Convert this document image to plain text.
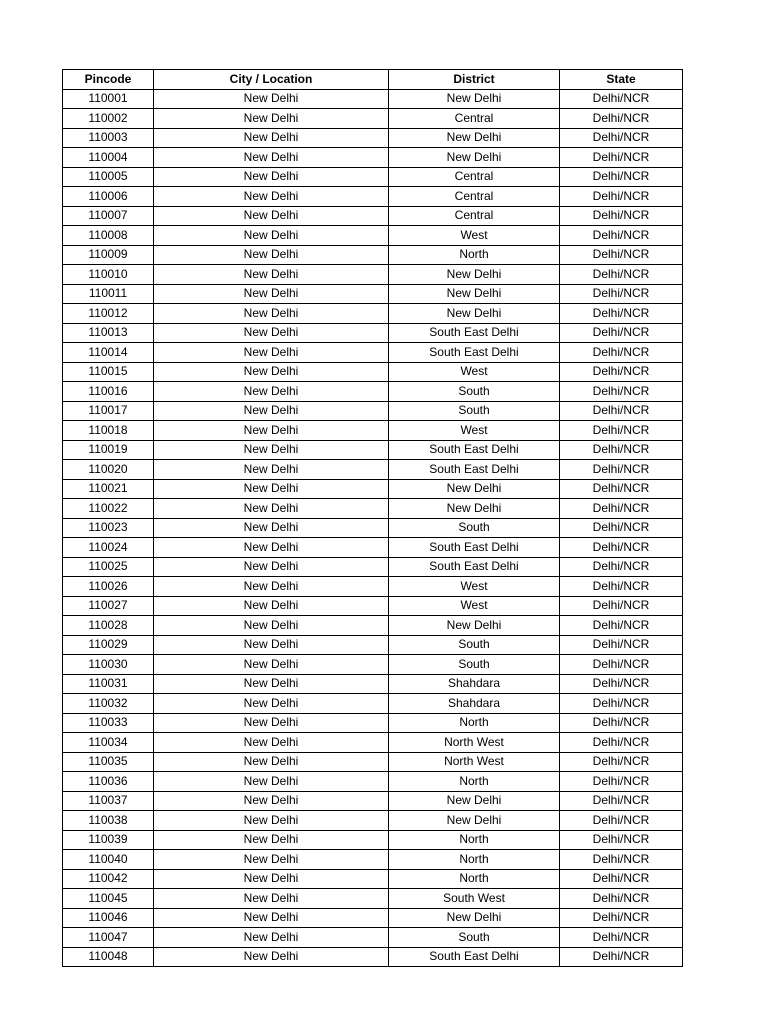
Pincode	City / Location	District	State
110001	New Delhi	New Delhi	Delhi/NCR
110002	New Delhi	Central	Delhi/NCR
110003	New Delhi	New Delhi	Delhi/NCR
110004	New Delhi	New Delhi	Delhi/NCR
110005	New Delhi	Central	Delhi/NCR
110006	New Delhi	Central	Delhi/NCR
110007	New Delhi	Central	Delhi/NCR
110008	New Delhi	West	Delhi/NCR
110009	New Delhi	North	Delhi/NCR
110010	New Delhi	New Delhi	Delhi/NCR
110011	New Delhi	New Delhi	Delhi/NCR
110012	New Delhi	New Delhi	Delhi/NCR
110013	New Delhi	South East Delhi	Delhi/NCR
110014	New Delhi	South East Delhi	Delhi/NCR
110015	New Delhi	West	Delhi/NCR
110016	New Delhi	South	Delhi/NCR
110017	New Delhi	South	Delhi/NCR
110018	New Delhi	West	Delhi/NCR
110019	New Delhi	South East Delhi	Delhi/NCR
110020	New Delhi	South East Delhi	Delhi/NCR
110021	New Delhi	New Delhi	Delhi/NCR
110022	New Delhi	New Delhi	Delhi/NCR
110023	New Delhi	South	Delhi/NCR
110024	New Delhi	South East Delhi	Delhi/NCR
110025	New Delhi	South East Delhi	Delhi/NCR
110026	New Delhi	West	Delhi/NCR
110027	New Delhi	West	Delhi/NCR
110028	New Delhi	New Delhi	Delhi/NCR
110029	New Delhi	South	Delhi/NCR
110030	New Delhi	South	Delhi/NCR
110031	New Delhi	Shahdara	Delhi/NCR
110032	New Delhi	Shahdara	Delhi/NCR
110033	New Delhi	North	Delhi/NCR
110034	New Delhi	North West	Delhi/NCR
110035	New Delhi	North West	Delhi/NCR
110036	New Delhi	North	Delhi/NCR
110037	New Delhi	New Delhi	Delhi/NCR
110038	New Delhi	New Delhi	Delhi/NCR
110039	New Delhi	North	Delhi/NCR
110040	New Delhi	North	Delhi/NCR
110042	New Delhi	North	Delhi/NCR
110045	New Delhi	South West	Delhi/NCR
110046	New Delhi	New Delhi	Delhi/NCR
110047	New Delhi	South	Delhi/NCR
110048	New Delhi	South East Delhi	Delhi/NCR
